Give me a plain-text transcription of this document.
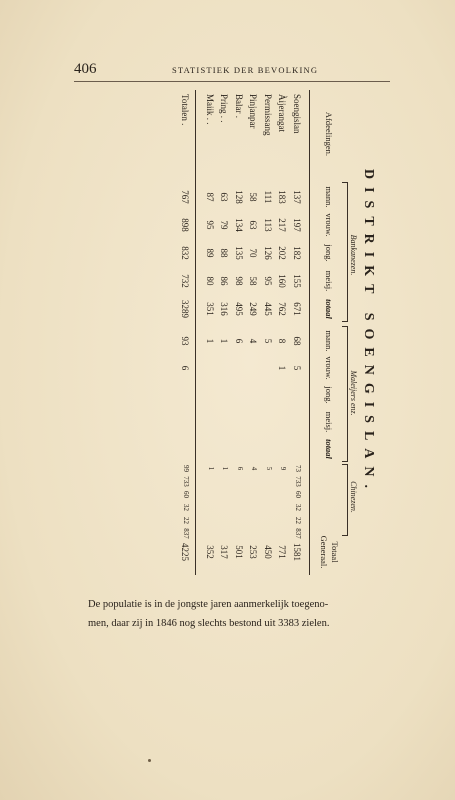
406	STATISTIEK DER BEVOLKING
DISTRIKT SOENGISLAN.
Bankanezen.
Maleijers enz.
Chinezen.
Afdeelingen.
mann.
vrouw.
jong.
meisj.
totaal
mann.
vrouw.
jong.
meisj.
totaal
Totaal
Generaal.
Soengislan
137
197
182
155
671
68
5
73
733
60
32
22
837
1581
Àijerangat
183
217
202
160
762
8
1
9
771
Permissang
111
113
126
95
445
5
5
450
Pinjanpar
58
63
70
58
249
4
4
253
Balar .
128
134
135
98
495
6
6
501
Pring . .
63
79
88
86
316
1
1
317
Maiik . .
87
95
89
80
351
1
1
352
Totalen .
767
898
832
732
3289
93
6
99
733
60
32
22
837
4225
De populatie is in de jongste jaren aanmerkelijk toegeno-
men, daar zij in 1846 nog slechts bestond uit 3383 zielen.
